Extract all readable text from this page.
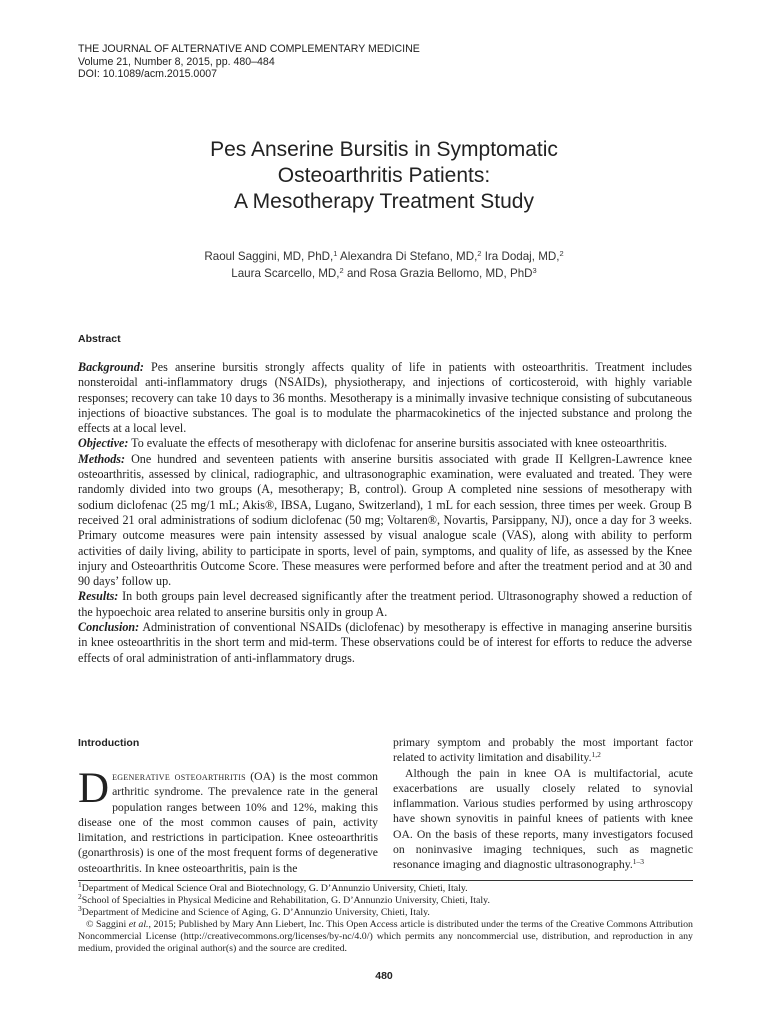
THE JOURNAL OF ALTERNATIVE AND COMPLEMENTARY MEDICINE
Volume 21, Number 8, 2015, pp. 480–484
DOI: 10.1089/acm.2015.0007
Pes Anserine Bursitis in Symptomatic
Osteoarthritis Patients:
A Mesotherapy Treatment Study
Raoul Saggini, MD, PhD,$^1$ Alexandra Di Stefano, MD,$^2$ Ira Dodaj, MD,$^2$
Laura Scarcello, MD,$^2$ and Rosa Grazia Bellomo, MD, PhD$^3$
Abstract

Background: Pes anserine bursitis strongly affects quality of life in patients with osteoarthritis. Treatment includes nonsteroidal anti-inflammatory drugs (NSAIDs), physiotherapy, and injections of corticosteroid, with highly variable responses; recovery can take 10 days to 36 months. Mesotherapy is a minimally invasive technique consisting of subcutaneous injections of bioactive substances. The goal is to modulate the pharmacokinetics of the injected substance and prolong the effects at a local level.

Objective: To evaluate the effects of mesotherapy with diclofenac for anserine bursitis associated with knee osteoarthritis.

Methods: One hundred and seventeen patients with anserine bursitis associated with grade II Kellgren-Lawrence knee osteoarthritis, assessed by clinical, radiographic, and ultrasonographic examination, were evaluated and treated. They were randomly divided into two groups (A, mesotherapy; B, control). Group A completed nine sessions of mesotherapy with sodium diclofenac (25 mg/1 mL; Akis®, IBSA, Lugano, Switzerland), 1 mL for each session, three times per week. Group B received 21 oral administrations of sodium diclofenac (50 mg; Voltaren®, Novartis, Parsippany, NJ), once a day for 3 weeks. Primary outcome measures were pain intensity assessed by visual analogue scale (VAS), along with ability to perform activities of daily living, ability to participate in sports, level of pain, symptoms, and quality of life, as assessed by the Knee injury and Osteoarthritis Outcome Score. These measures were performed before and after the treatment period and at 30 and 90 days’ follow up.

Results: In both groups pain level decreased significantly after the treatment period. Ultrasonography showed a reduction of the hypoechoic area related to anserine bursitis only in group A.

Conclusion: Administration of conventional NSAIDs (diclofenac) by mesotherapy is effective in managing anserine bursitis in knee osteoarthritis in the short term and mid-term. These observations could be of interest for efforts to reduce the adverse effects of oral administration of anti-inflammatory drugs.

Introduction

Degenerative osteoarthritis (OA) is the most common arthritic syndrome. The prevalence rate in the general population ranges between 10% and 12%, making this disease one of the most common causes of pain, activity limitation, and restrictions in participation. Knee osteoarthritis (gonarthrosis) is one of the most frequent forms of degenerative osteoarthritis. In knee osteoarthritis, pain is the

primary symptom and probably the most important factor related to activity limitation and disability.$^{1,2}$

Although the pain in knee OA is multifactorial, acute exacerbations are usually closely related to synovial inflammation. Various studies performed by using arthroscopy have shown synovitis in painful knees of patients with knee OA. On the basis of these reports, many investigators focused on noninvasive imaging techniques, such as magnetic resonance imaging and diagnostic ultrasonography.$^{1-3}$

$^1$Department of Medical Science Oral and Biotechnology, G. D’Annunzio University, Chieti, Italy.
$^2$School of Specialties in Physical Medicine and Rehabilitation, G. D’Annunzio University, Chieti, Italy.
$^3$Department of Medicine and Science of Aging, G. D’Annunzio University, Chieti, Italy.
© Saggini et al., 2015; Published by Mary Ann Liebert, Inc. This Open Access article is distributed under the terms of the Creative Commons Attribution Noncommercial License (http://creativecommons.org/licenses/by-nc/4.0/) which permits any noncommercial use, distribution, and reproduction in any medium, provided the original author(s) and the source are credited.
480
